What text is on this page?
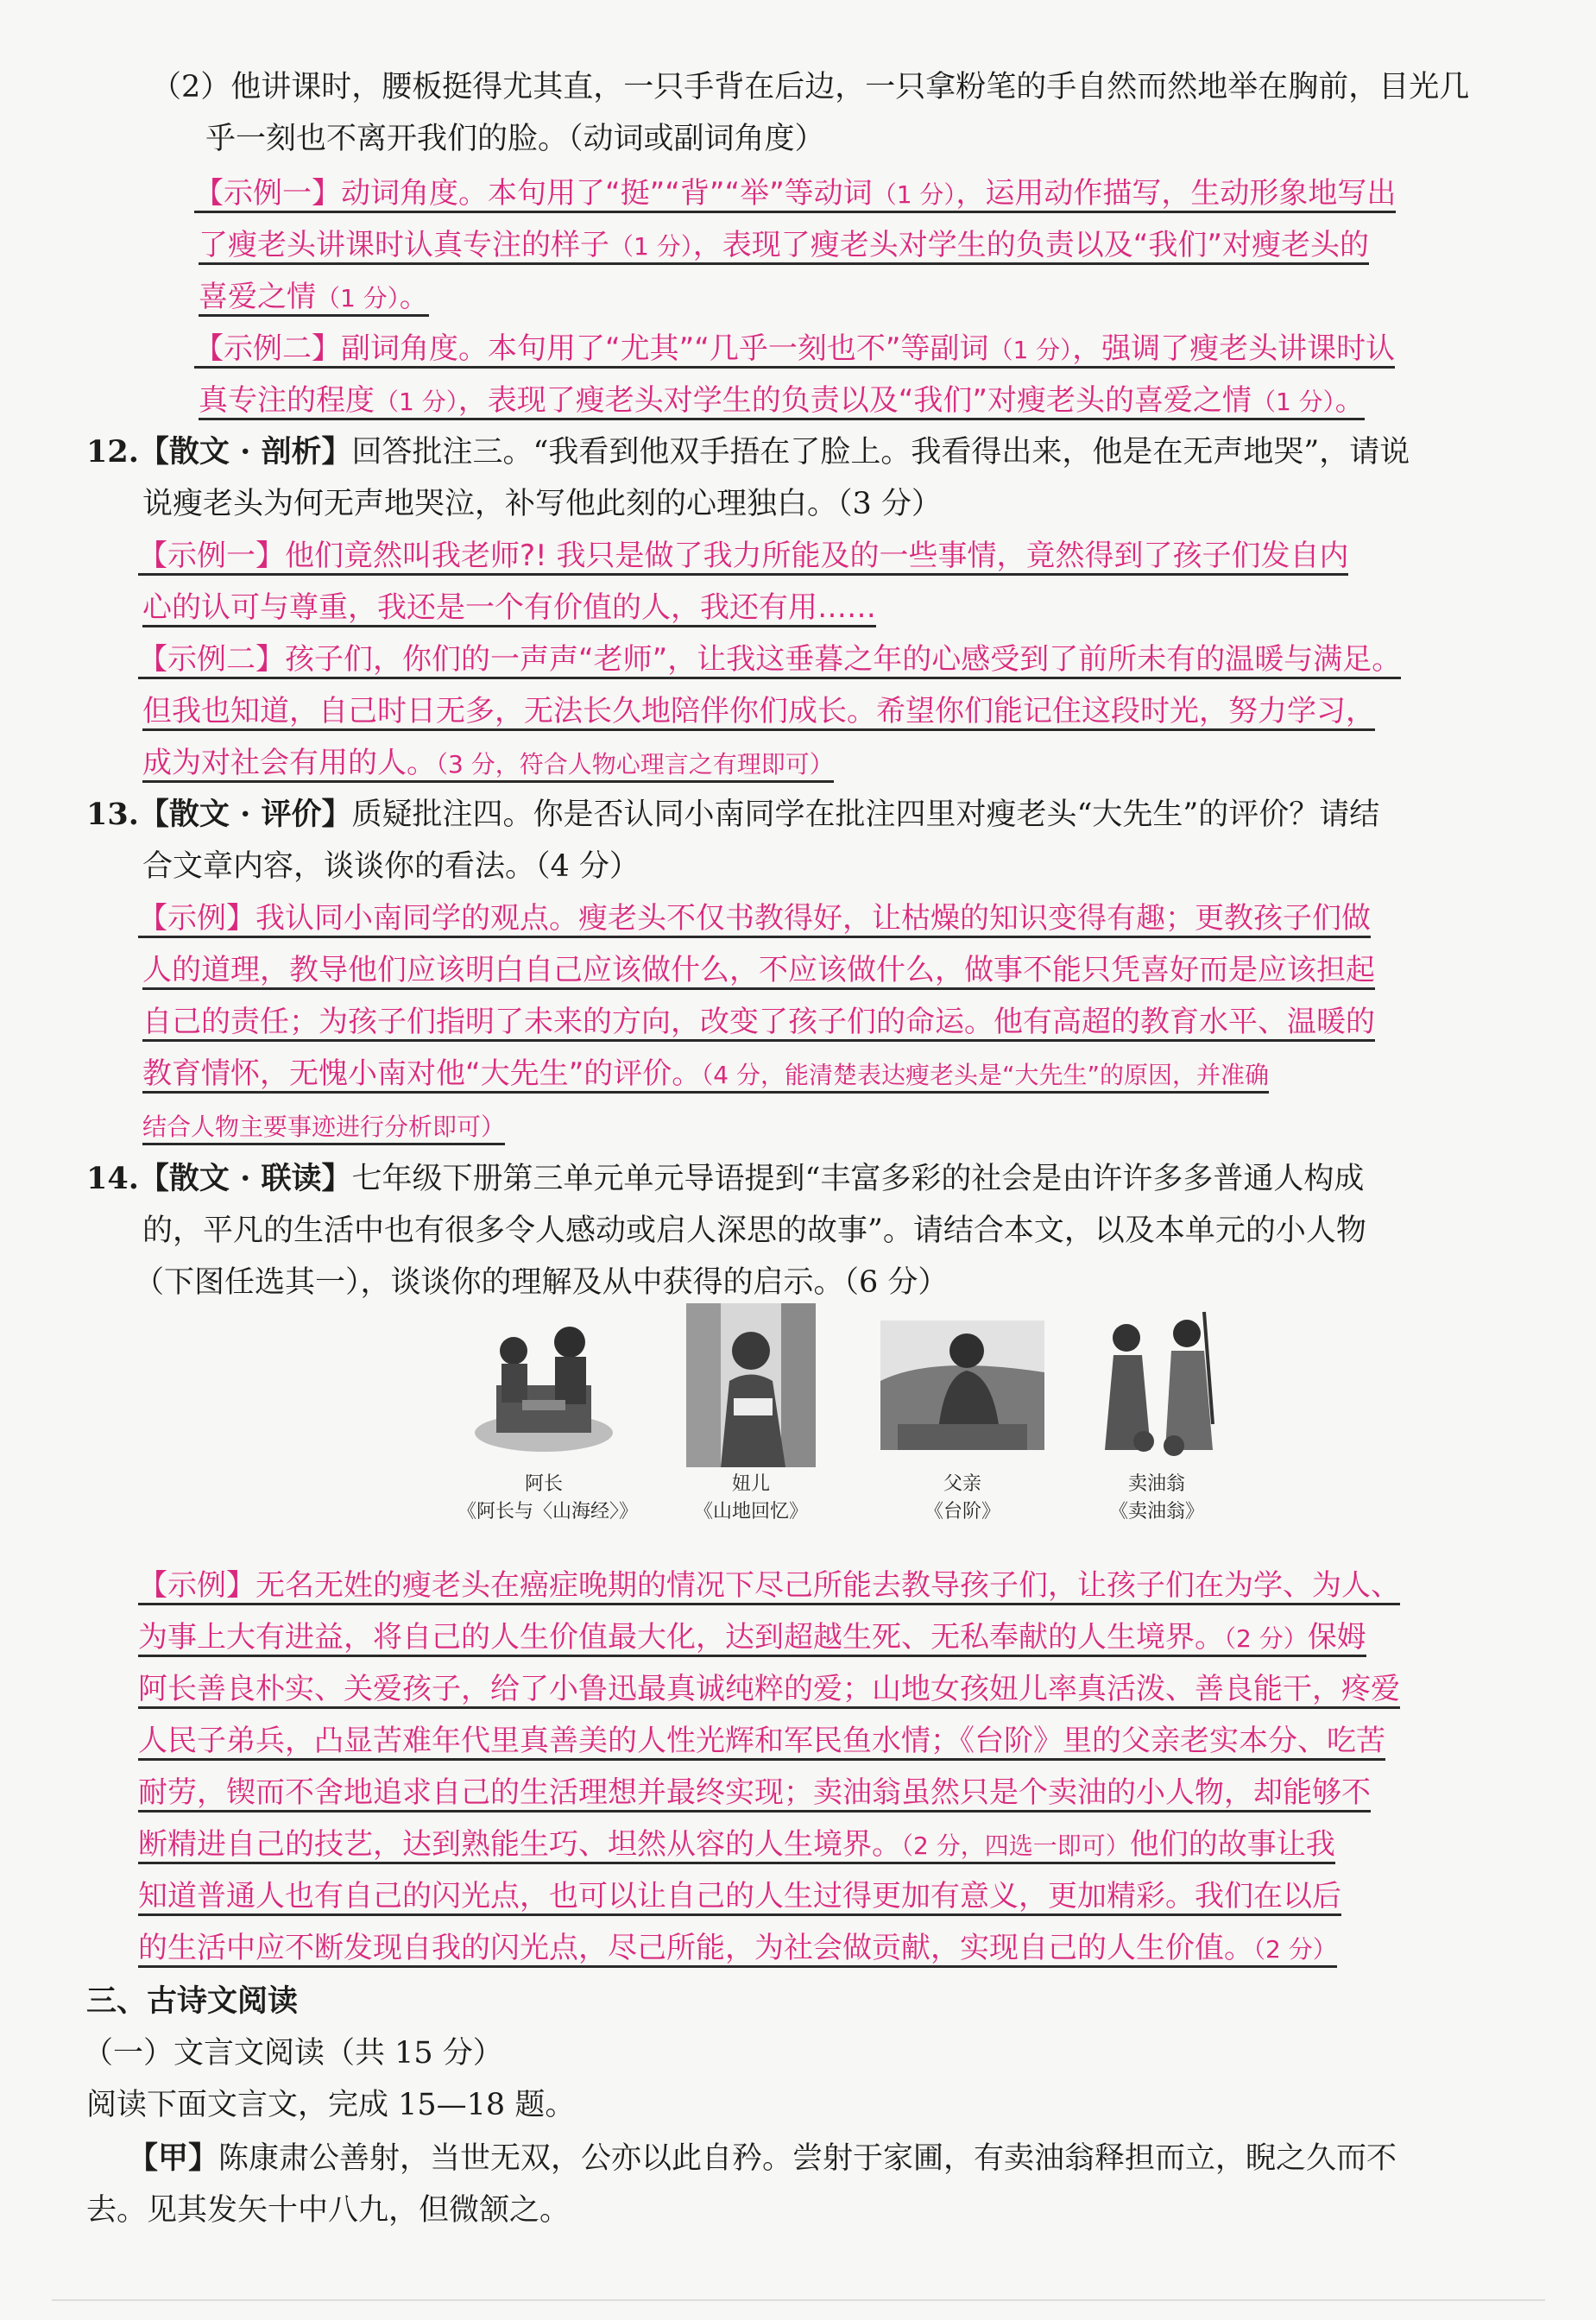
（2）他讲课时，腰板挺得尤其直，一只手背在后边，一只拿粉笔的手自然而然地举在胸前，目光几
乎一刻也不离开我们的脸。（动词或副词角度）
【示例一】动词角度。本句用了“挺”“背”“举”等动词（1 分），运用动作描写，生动形象地写出
了瘦老头讲课时认真专注的样子（1 分），表现了瘦老头对学生的负责以及“我们”对瘦老头的
喜爱之情（1 分）。
【示例二】副词角度。本句用了“尤其”“几乎一刻也不”等副词（1 分），强调了瘦老头讲课时认
真专注的程度（1 分），表现了瘦老头对学生的负责以及“我们”对瘦老头的喜爱之情（1 分）。
12.【散文 · 剖析】回答批注三。“我看到他双手捂在了脸上。我看得出来，他是在无声地哭”，请说
说瘦老头为何无声地哭泣，补写他此刻的心理独白。（3 分）
【示例一】他们竟然叫我老师?! 我只是做了我力所能及的一些事情，竟然得到了孩子们发自内
心的认可与尊重，我还是一个有价值的人，我还有用……
【示例二】孩子们，你们的一声声“老师”，让我这垂暮之年的心感受到了前所未有的温暖与满足。
但我也知道，自己时日无多，无法长久地陪伴你们成长。希望你们能记住这段时光，努力学习，
成为对社会有用的人。（3 分，符合人物心理言之有理即可）
13.【散文 · 评价】质疑批注四。你是否认同小南同学在批注四里对瘦老头“大先生”的评价？请结
合文章内容，谈谈你的看法。（4 分）
【示例】我认同小南同学的观点。瘦老头不仅书教得好，让枯燥的知识变得有趣；更教孩子们做
人的道理，教导他们应该明白自己应该做什么，不应该做什么，做事不能只凭喜好而是应该担起
自己的责任；为孩子们指明了未来的方向，改变了孩子们的命运。他有高超的教育水平、温暖的
教育情怀，无愧小南对他“大先生”的评价。（4 分，能清楚表达瘦老头是“大先生”的原因，并准确
结合人物主要事迹进行分析即可）
14.【散文 · 联读】七年级下册第三单元单元导语提到“丰富多彩的社会是由许许多多普通人构成
的，平凡的生活中也有很多令人感动或启人深思的故事”。请结合本文，以及本单元的小人物
（下图任选其一），谈谈你的理解及从中获得的启示。（6 分）
【示例】无名无姓的瘦老头在癌症晚期的情况下尽己所能去教导孩子们，让孩子们在为学、为人、
为事上大有进益，将自己的人生价值最大化，达到超越生死、无私奉献的人生境界。（2 分）保姆
阿长善良朴实、关爱孩子，给了小鲁迅最真诚纯粹的爱；山地女孩妞儿率真活泼、善良能干，疼爱
人民子弟兵，凸显苦难年代里真善美的人性光辉和军民鱼水情；《台阶》里的父亲老实本分、吃苦
耐劳，锲而不舍地追求自己的生活理想并最终实现；卖油翁虽然只是个卖油的小人物，却能够不
断精进自己的技艺，达到熟能生巧、坦然从容的人生境界。（2 分，四选一即可）他们的故事让我
知道普通人也有自己的闪光点，也可以让自己的人生过得更加有意义，更加精彩。我们在以后
的生活中应不断发现自我的闪光点，尽己所能，为社会做贡献，实现自己的人生价值。（2 分）
三、古诗文阅读
（一）文言文阅读（共 15 分）
阅读下面文言文，完成 15—18 题。
【甲】陈康肃公善射，当世无双，公亦以此自矜。尝射于家圃，有卖油翁释担而立，睨之久而不
去。见其发矢十中八九，但微颔之。
阿长
《阿长与〈山海经〉》
妞儿
《山地回忆》
父亲
《台阶》
卖油翁
《卖油翁》
